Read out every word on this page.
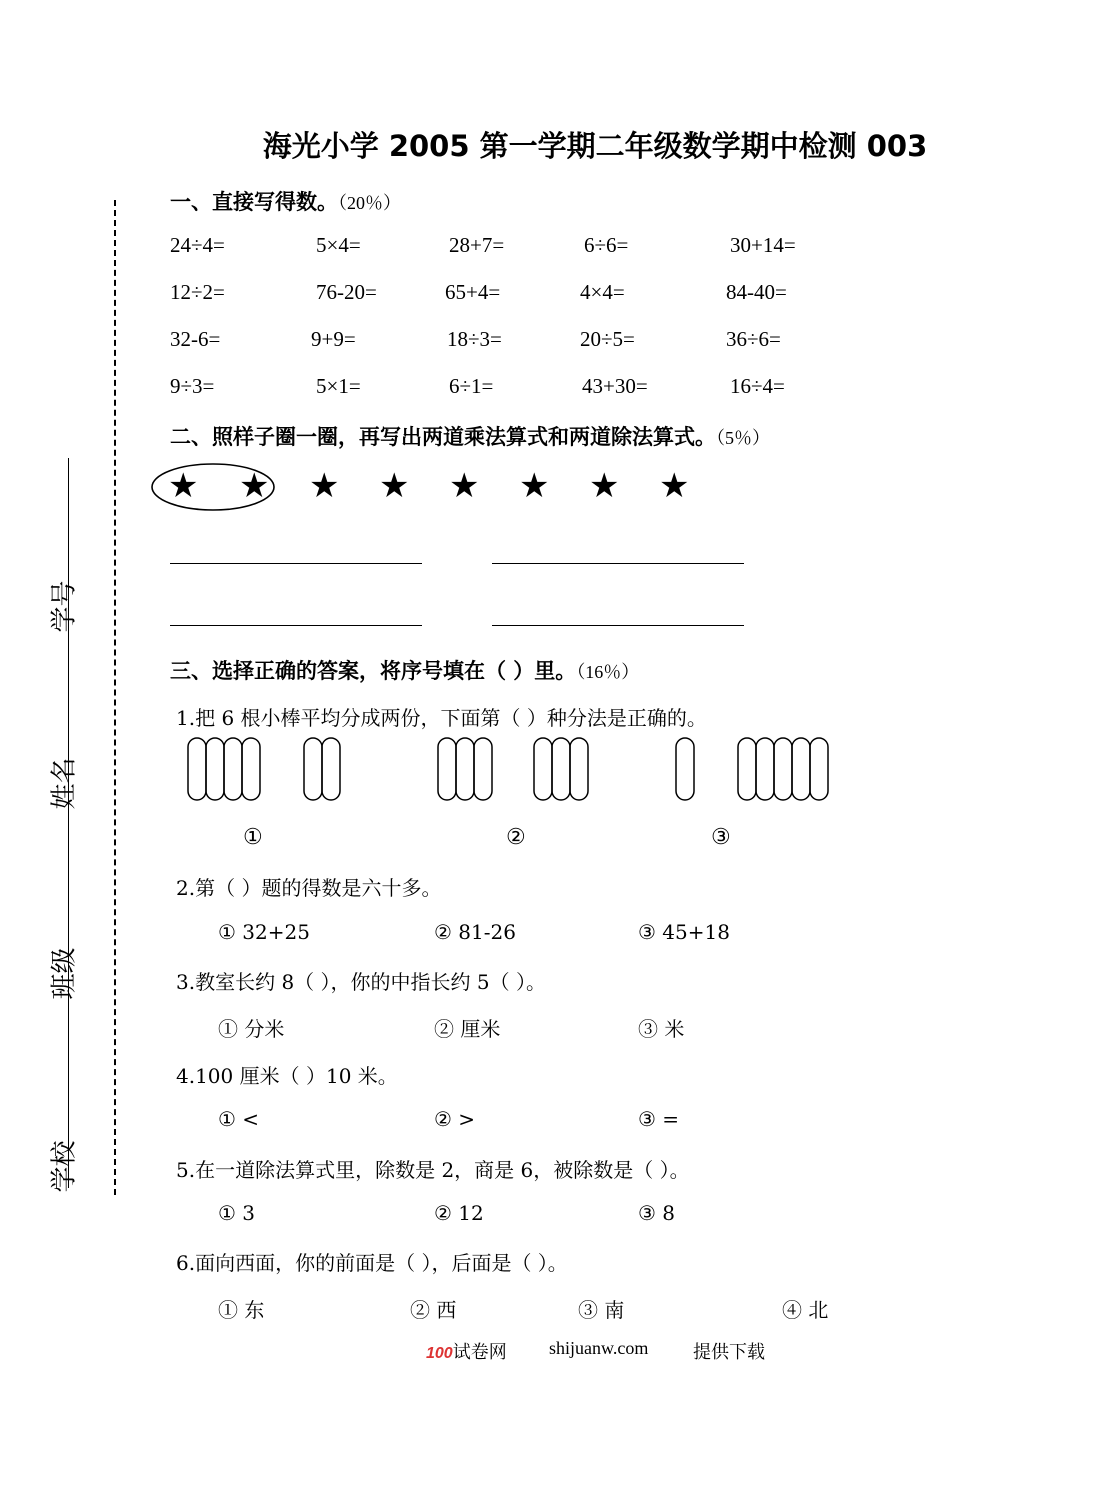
海光小学 2005 第一学期二年级数学期中检测 003
学号
姓名
班级
学校
一、直接写得数。（20％）
24÷4=	5×4=	28+7=	6÷6=	30+14=
12÷2=	76-20=	65+4=	4×4=	84-40=
32-6=	9+9=	18÷3=	20÷5=	36÷6=
9÷3=	5×1=	6÷1=	43+30=	16÷4=
二、照样子圈一圈，再写出两道乘法算式和两道除法算式。（5％）
★ ★ ★ ★ ★ ★ ★ ★
三、选择正确的答案，将序号填在（ ）里。（16％）
1.把 6 根小棒平均分成两份，下面第（ ）种分法是正确的。
①	②	③
2.第（ ）题的得数是六十多。
① 32+25	② 81-26	③ 45+18
3.教室长约 8（ ），你的中指长约 5（ ）。
① 分米	② 厘米	③ 米
4.100 厘米（ ）10 米。
① <	② >	③ =
5.在一道除法算式里，除数是 2，商是 6，被除数是（ ）。
① 3	② 12	③ 8
6.面向西面，你的前面是（ ），后面是（ ）。
① 东	② 西	③ 南	④ 北
100试卷网 shijuanw.com 提供下载
